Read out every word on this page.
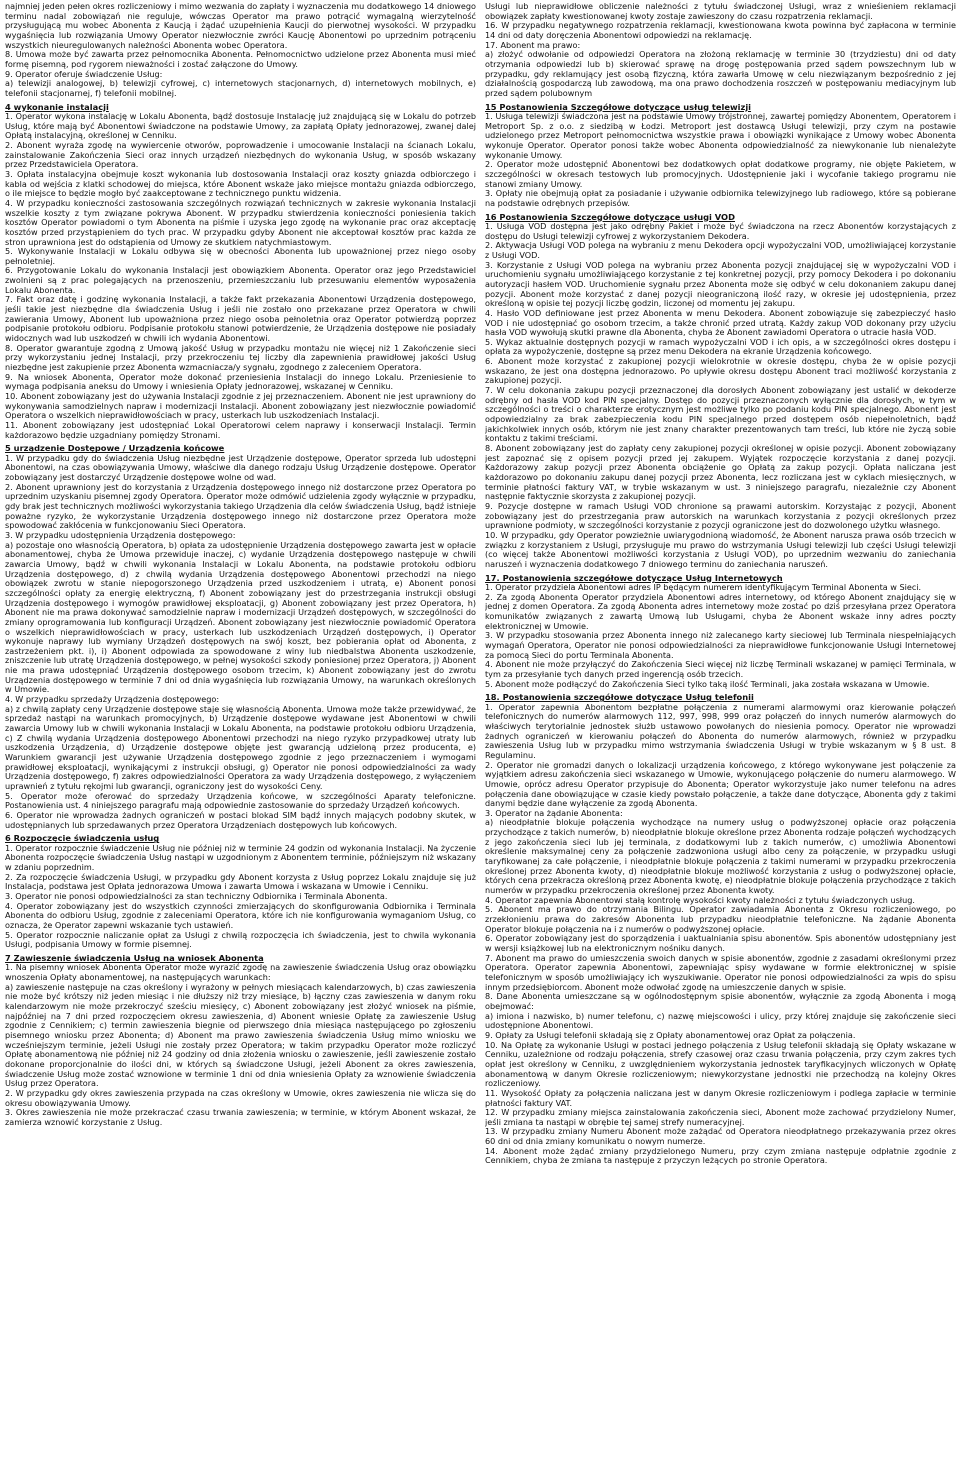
najmniej jeden pełen okres rozliczeniowy i mimo wezwania do zapłaty i wyznaczenia mu dodatkowego 14 dniowego terminu nadal zobowiązań nie reguluje, wówczas Operator ma prawo potrącić wymagalną wierzytelność przysługującą mu wobec Abonenta z Kaucją i żądać uzupełnienia Kaucji do pierwotnej wysokości. W przypadku wygaśnięcia lub rozwiązania Umowy Operator niezwłocznie zwróci Kaucję Abonentowi po uprzednim potrąceniu wszystkich nieuregulowanych należności Abonenta wobec Operatora.

8. Umowa może być zawarta przez pełnomocnika Abonenta. Pełnomocnictwo udzielone przez Abonenta musi mieć formę pisemną, pod rygorem nieważności i zostać załączone do Umowy.

9. Operator oferuje świadczenie Usług:

a) telewizji analogowej, b) telewizji cyfrowej, c) internetowych stacjonarnych, d) internetowych mobilnych, e) telefonii stacjonarnej, f) telefonii mobilnej.

4 wykonanie instalacji

1. Operator wykona instalację w Lokalu Abonenta, bądź dostosuje Instalację już znajdującą się w Lokalu do potrzeb Usług, które mają być Abonentowi świadczone na podstawie Umowy, za zapłatą Opłaty jednorazowej, zwanej dalej Opłatą instalacyjną, określonej w Cenniku.

2. Abonent wyraża zgodę na wywiercenie otworów, poprowadzenie i umocowanie Instalacji na ścianach Lokalu, zainstalowanie Zakończenia Sieci oraz innych urządzeń niezbędnych do wykonania Usług, w sposób wskazany przez Przedstawiciela Operatora.

3. Opłata instalacyjna obejmuje koszt wykonania lub dostosowania Instalacji oraz koszty gniazda odbiorczego i kabla od wejścia z klatki schodowej do miejsca, które Abonent wskaże jako miejsce montażu gniazda odbiorczego, o ile miejsce to będzie mogło być zaakceptowane z technicznego punktu widzenia.

4. W przypadku konieczności zastosowania szczególnych rozwiązań technicznych w zakresie wykonania Instalacji wszelkie koszty z tym związane pokrywa Abonent. W przypadku stwierdzenia konieczności poniesienia takich kosztów Operator powiadomi o tym Abonenta na piśmie i uzyska jego zgodę na wykonanie prac oraz akceptację kosztów przed przystąpieniem do tych prac. W przypadku gdyby Abonent nie akceptował kosztów prac każda ze stron uprawniona jest do odstąpienia od Umowy ze skutkiem natychmiastowym.

5. Wykonywanie Instalacji w Lokalu odbywa się w obecności Abonenta lub upoważnionej przez niego osoby pełnoletniej.

6. Przygotowanie Lokalu do wykonania Instalacji jest obowiązkiem Abonenta. Operator oraz jego Przedstawiciel zwolnieni są z prac polegających na przenoszeniu, przemieszczaniu lub przesuwaniu elementów wyposażenia Lokalu Abonenta.

7. Fakt oraz datę i godzinę wykonania Instalacji, a także fakt przekazania Abonentowi Urządzenia dostępowego, jeśli takie jest niezbędne dla świadczenia Usług i jeśli nie zostało ono przekazane przez Operatora w chwili zawierania Umowy, Abonent lub upoważniona przez niego osoba pełnoletnia oraz Operator potwierdzą poprzez podpisanie protokołu odbioru. Podpisanie protokołu stanowi potwierdzenie, że Urządzenia dostępowe nie posiadały widocznych wad lub uszkodzeń w chwili ich wydania Abonentowi.

8. Operator gwarantuje zgodną z Umową jakość Usług w przypadku montażu nie więcej niż 1 Zakończenie sieci przy wykorzystaniu jednej Instalacji, przy przekroczeniu tej liczby dla zapewnienia prawidłowej jakości Usług niezbędne jest zakupienie przez Abonenta wzmacniacza/y sygnału, zgodnego z zaleceniem Operatora.

9. Na wniosek Abonenta, Operator może dokonać przeniesienia Instalacji do innego Lokalu. Przeniesienie to wymaga podpisania aneksu do Umowy i wniesienia Opłaty jednorazowej, wskazanej w Cenniku.

10. Abonent zobowiązany jest do używania Instalacji zgodnie z jej przeznaczeniem. Abonent nie jest uprawniony do wykonywania samodzielnych napraw i modernizacji Instalacji. Abonent zobowiązany jest niezwłocznie powiadomić Operatora o wszelkich nieprawidłowościach w pracy, usterkach lub uszkodzeniach Instalacji.

11. Abonent zobowiązany jest udostępniać Lokal Operatorowi celem naprawy i konserwacji Instalacji. Termin każdorazowo będzie uzgadniany pomiędzy Stronami.

5 urządzenie Dostępowe / Urządzenia końcowe

1. W przypadku gdy do świadczenia Usług niezbędne jest Urządzenie dostępowe, Operator sprzeda lub udostępni Abonentowi, na czas obowiązywania Umowy, właściwe dla danego rodzaju Usług Urządzenie dostępowe. Operator zobowiązany jest dostarczyć Urządzenie dostępowe wolne od wad.

2. Abonent uprawniony jest do korzystania z Urządzenia dostępowego innego niż dostarczone przez Operatora po uprzednim uzyskaniu pisemnej zgody Operatora. Operator może odmówić udzielenia zgody wyłącznie w przypadku, gdy brak jest technicznych możliwości wykorzystania takiego Urządzenia dla celów świadczenia Usług, bądź istnieje poważne ryzyko, że wykorzystanie Urządzenia dostępowego innego niż dostarczone przez Operatora może spowodować zakłócenia w funkcjonowaniu Sieci Operatora.

3. W przypadku udostępnienia Urządzenia dostępowego:

a) pozostaje ono własnością Operatora, b) opłata za udostępnienie Urządzenia dostępowego zawarta jest w opłacie abonamentowej, chyba że Umowa przewiduje inaczej, c) wydanie Urządzenia dostępowego następuje w chwili zawarcia Umowy, bądź w chwili wykonania Instalacji w Lokalu Abonenta, na podstawie protokołu odbioru Urządzenia dostępowego, d) z chwilą wydania Urządzenia dostępowego Abonentowi przechodzi na niego obowiązek zwrotu w stanie niepogorszonego Urządzenia przed uszkodzeniem i utratą, e) Abonent ponosi szczególności opłaty za energię elektryczną, f) Abonent zobowiązany jest do przestrzegania instrukcji obsługi Urządzenia dostępowego i wymogów prawidłowej eksploatacji, g) Abonent zobowiązany jest przez Operatora, h) Abonent nie ma prawa dokonywać samodzielnie napraw i modernizacji Urządzeń dostępowych, w szczególności do zmiany oprogramowania lub konfiguracji Urządzeń. Abonent zobowiązany jest niezwłocznie powiadomić Operatora o wszelkich nieprawidłowościach w pracy, usterkach lub uszkodzeniach Urządzeń dostępowych, i) Operator wykonuje naprawy lub wymiany Urządzeń dostępowych na swój koszt, bez pobierania opłat od Abonenta, z zastrzeżeniem pkt. i), i) Abonent odpowiada za spowodowane z winy lub niedbalstwa Abonenta uszkodzenie, zniszczenie lub utratę Urządzenia dostępowego, w pełnej wysokości szkody poniesionej przez Operatora, j) Abonent nie ma prawa udostępniać Urządzenia dostępowego osobom trzecim, k) Abonent zobowiązany jest do zwrotu Urządzenia dostępowego w terminie 7 dni od dnia wygaśnięcia lub rozwiązania Umowy, na warunkach określonych w Umowie.

4. W przypadku sprzedaży Urządzenia dostępowego:

a) z chwilą zapłaty ceny Urządzenie dostępowe staje się własnością Abonenta. Umowa może także przewidywać, że sprzedaż nastąpi na warunkach promocyjnych, b) Urządzenie dostępowe wydawane jest Abonentowi w chwili zawarcia Umowy lub w chwili wykonania Instalacji w Lokalu Abonenta, na podstawie protokołu odbioru Urządzenia, c) Z chwilą wydania Urządzenia dostępowego Abonentowi przechodzi na niego ryzyko przypadkowej utraty lub uszkodzenia Urządzenia, d) Urządzenie dostępowe objęte jest gwarancją udzieloną przez producenta, e) Warunkiem gwarancji jest używanie Urządzenia dostępowego zgodnie z jego przeznaczeniem i wymogami prawidłowej eksploatacji, wynikającymi z instrukcji obsługi, g) Operator nie ponosi odpowiedzialności za wady Urządzenia dostępowego, f) zakres odpowiedzialności Operatora za wady Urządzenia dostępowego, z wyłączeniem uprawnień z tytułu rękojmi lub gwarancji, ograniczony jest do wysokości Ceny.

5. Operator może oferować do sprzedaży Urządzenia końcowe, w szczególności Aparaty telefoniczne. Postanowienia ust. 4 niniejszego paragrafu mają odpowiednie zastosowanie do sprzedaży Urządzeń końcowych.

6. Operator nie wprowadza żadnych ograniczeń w postaci blokad SIM bądź innych mających podobny skutek, w udostępnianych lub sprzedawanych przez Operatora Urządzeniach dostępowych lub końcowych.

6 Rozpoczęcie świadczenia usług

1. Operator rozpocznie świadczenie Usług nie później niż w terminie 24 godzin od wykonania Instalacji. Na życzenie Abonenta rozpoczęcie świadczenia Usług nastąpi w uzgodnionym z Abonentem terminie, późniejszym niż wskazany w zdaniu poprzednim.

2. Za rozpoczęcie świadczenia Usługi, w przypadku gdy Abonent korzysta z Usług poprzez Lokalu znajduje się już Instalacja, podstawa jest Opłata jednorazowa Umowa i zawarta Umowa i wskazana w Umowie i Cenniku.

3. Operator nie ponosi odpowiedzialności za stan techniczny Odbiornika i Terminala Abonenta.

4. Operator zobowiązany jest do wszystkich czynności zmierzających do skonfigurowania Odbiornika i Terminala Abonenta do odbioru Usług, zgodnie z zaleceniami Operatora, które ich nie konfigurowania wymaganiom Usług, co oznacza, że Operator zapewni wskazanie tych ustawień.

5. Operator rozpocznie naliczanie opłat za Usługi z chwilą rozpoczęcia ich świadczenia, jest to chwila wykonania Usługi, podpisania Umowy w formie pisemnej.

7 Zawieszenie świadczenia Usług na wniosek Abonenta

1. Na pisemny wniosek Abonenta Operator może wyrazić zgodę na zawieszenie świadczenia Usług oraz obowiązku wnoszenia Opłaty abonamentowej, na następujących warunkach:

a) zawieszenie następuje na czas określony i wyrażony w pełnych miesiącach kalendarzowych, b) czas zawieszenia nie może być krótszy niż jeden miesiąc i nie dłuższy niż trzy miesiące, b) łączny czas zawieszenia w danym roku kalendarzowym nie może przekroczyć sześciu miesięcy, c) Abonent zobowiązany jest złożyć wniosek na piśmie, najpóźniej na 7 dni przed rozpoczęciem okresu zawieszenia, d) Abonent wniesie Opłatę za zawieszenie Usług zgodnie z Cennikiem; c) termin zawieszenia biegnie od pierwszego dnia miesiąca następującego po zgłoszeniu pisemnego wniosku przez Abonenta; d) Abonent ma prawo zawieszenia świadczenia Usług mimo wniosku we wcześniejszym terminie, jeżeli Usługi nie zostały przez Operatora; w takim przypadku Operator może rozliczyć Opłatę abonamentową nie później niż 24 godziny od dnia złożenia wniosku o zawieszenie, jeśli zawieszenie zostało dokonane proporcjonalnie do ilości dni, w których są świadczone Usługi, jeżeli Abonent za okres zawieszenia, świadczenie Usług może zostać wznowione w terminie 1 dni od dnia wniesienia Opłaty za wznowienie świadczenia Usług przez Operatora.

2. W przypadku gdy okres zawieszenia przypada na czas określony w Umowie, okres zawieszenia nie wlicza się do okresu obowiązywania Umowy.

3. Okres zawieszenia nie może przekraczać czasu trwania zawieszenia; w terminie, w którym Abonent wskazał, że zamierza wznowić korzystanie z Usług.

Usługi lub nieprawidłowe obliczenie należności z tytułu świadczonej Usługi, wraz z wnieśieniem reklamacji obowiązek zapłaty kwestionowanej kwoty zostaje zawieszony do czasu rozpatrzenia reklamacji.

16. W przypadku negatywnego rozpatrzenia reklamacji, kwestionowana kwota powinna być zapłacona w terminie 14 dni od daty doręczenia Abonentowi odpowiedzi na reklamację.

17. Abonent ma prawo:

a) złożyć odwołanie od odpowiedzi Operatora na złożoną reklamację w terminie 30 (trzydziestu) dni od daty otrzymania odpowiedzi lub b) skierować sprawę na drogę postępowania przed sądem powszechnym lub w przypadku, gdy reklamujący jest osobą fizyczną, która zawarła Umowę w celu niezwiązanym bezpośrednio z jej działalnością gospodarczą lub zawodową, ma ona prawo dochodzenia roszczeń w postępowaniu mediacyjnym lub przed sądem polubownym

15 Postanowienia Szczegółowe dotyczące usług telewizji

1. Usługa telewizji świadczona jest na podstawie Umowy trójstronnej, zawartej pomiędzy Abonentem, Operatorem i Metroport Sp. z o.o. z siedzibą w Łodzi. Metroport jest dostawcą Usługi telewizji, przy czym na postawie udzielonego przez Metroport pełnomocnictwa wszystkie prawa i obowiązki wynikające z Umowy wobec Abonenta wykonuje Operator. Operator ponosi także wobec Abonenta odpowiedzialność za niewykonanie lub nienależyte wykonanie Umowy.

2. Operator może udostępnić Abonentowi bez dodatkowych opłat dodatkowe programy, nie objęte Pakietem, w szczególności w okresach testowych lub promocyjnych. Udostępnienie jaki i wycofanie takiego programu nie stanowi zmiany Umowy.

3. Opłaty nie obejmują opłat za posiadanie i używanie odbiornika telewizyjnego lub radiowego, które są pobierane na podstawie odrębnych przepisów.

16 Postanowienia Szczegółowe dotyczące usługi VOD

1. Usługa VOD dostępna jest jako odrębny Pakiet i może być świadczona na rzecz Abonentów korzystających z dostępu do Usługi telewizji cyfrowej z wykorzystaniem Dekodera.

2. Aktywacja Usługi VOD polega na wybraniu z menu Dekodera opcji wypożyczalni VOD, umożliwiającej korzystanie z Usługi VOD.

3. Korzystanie z Usługi VOD polega na wybraniu przez Abonenta pozycji znajdującej się w wypożyczalni VOD i uruchomieniu sygnału umożliwiającego korzystanie z tej konkretnej pozycji, przy pomocy Dekodera i po dokonaniu autoryzacji hasłem VOD. Uruchomienie sygnału przez Abonenta może się odbyć w celu dokonaniem zakupu danej pozycji. Abonent może korzystać z danej pozycji nieograniczoną ilość razy, w okresie jej udostępnienia, przez określoną w opisie tej pozycji liczbę godzin, liczonej od momentu jej zakupu.

4. Hasło VOD definiowane jest przez Abonenta w menu Dekodera. Abonent zobowiązuje się zabezpieczyć hasło VOD i nie udostępniać go osobom trzecim, a także chronić przed utratą. Każdy zakup VOD dokonany przy użyciu hasła VOD wywołują skutki prawne dla Abonenta, chyba że Abonent zawiadomi Operatora o utracie hasła VOD.

5. Wykaz aktualnie dostępnych pozycji w ramach wypożyczalni VOD i ich opis, a w szczególności okres dostępu i opłata za wypożyczenie, dostępne są przez menu Dekodera na ekranie Urządzenia końcowego.

6. Abonent może korzystać z zakupionej pozycji wielokrotnie w okresie dostępu, chyba że w opisie pozycji wskazano, że jest ona dostępna jednorazowo. Po upływie okresu dostępu Abonent traci możliwość korzystania z zakupionej pozycji.

7. W celu dokonania zakupu pozycji przeznaczonej dla dorosłych Abonent zobowiązany jest ustalić w dekoderze odrębny od hasła VOD kod PIN specjalny. Dostęp do pozycji przeznaczonych wyłącznie dla dorosłych, w tym w szczególności o treści o charakterze erotycznym jest możliwe tylko po podaniu kodu PIN specjalnego. Abonent jest odpowiedzialny za brak zabezpieczenia kodu PIN specjalnego przed dostępem osób niepełnoletnich, bądź jakichkolwiek innych osób, którym nie jest znany charakter prezentowanych tam treści, lub które nie życzą sobie kontaktu z takimi treściami.

8. Abonent zobowiązany jest do zapłaty ceny zakupionej pozycji określonej w opisie pozycji. Abonent zobowiązany jest zapoznać się z opisem pozycji przed jej zakupem. Wyjątek rozpoczęcie korzystania z danej pozycji. Każdorazowy zakup pozycji przez Abonenta obciążenie go Opłatą za zakup pozycji. Opłata naliczana jest każdorazowo po dokonaniu zakupu danej pozycji przez Abonenta, lecz rozliczana jest w cyklach miesięcznych, w terminie płatności faktury VAT, w trybie wskazanym w ust. 3 niniejszego paragrafu, niezależnie czy Abonent następnie faktycznie skorzysta z zakupionej pozycji.

9. Pozycje dostępne w ramach Usługi VOD chronione są prawami autorskim. Korzystając z pozycji, Abonent zobowiązany jest do przestrzegania praw autorskich na warunkach korzystania z pozycji określonych przez uprawnione podmioty, w szczególności korzystanie z pozycji ograniczone jest do dozwolonego użytku własnego.

10. W przypadku, gdy Operator powzieżnie uwiarygodnioną wiadomość, że Abonent narusza prawa osób trzecich w związku z korzystaniem z Usługi, przysługuje mu prawo do wstrzymania Usługi telewizji lub części Usługi telewizji (co więcej także Abonentowi możliwości korzystania z Usługi VOD), po uprzednim wezwaniu do zaniechania naruszeń i wyznaczenia dodatkowego 7 dniowego terminu do zaniechania naruszeń.

17. Postanowienia szczegółowe dotyczące Usług Internetowych

1. Operator przydziela Abonentowi adres IP będącym numerem identyfikującym Terminal Abonenta w Sieci.

2. Za zgodą Abonenta Operator przydziela Abonentowi adres internetowy, od którego Abonent znajdujący się w jednej z domen Operatora. Za zgodą Abonenta adres internetowy może zostać po dziś przesyłana przez Operatora komunikatów związanych z zawartą Umową lub Usługami, chyba że Abonent wskaże inny adres poczty elektronicznej w Umowie.

3. W przypadku stosowania przez Abonenta innego niż zalecanego karty sieciowej lub Terminala niespełniających wymagań Operatora, Operator nie ponosi odpowiedzialności za nieprawidłowe funkcjonowanie Usługi Internetowej za pomocą Sieci do portu Terminala Abonenta.

4. Abonent nie może przyłączyć do Zakończenia Sieci więcej niż liczbę Terminali wskazanej w pamięci Terminala, w tym za przesyłanie tych danych przed ingerencją osób trzecich.

5. Abonent może podłączyć do Zakończenia Sieci tylko taką ilość Terminali, jaka została wskazana w Umowie.

18. Postanowienia szczegółowe dotyczące Usług telefonii

1. Operator zapewnia Abonentom bezpłatne połączenia z numerami alarmowymi oraz kierowanie połączeń telefonicznych do numerów alarmowych 112, 997, 998, 999 oraz połączeń do innych numerów alarmowych do właściwych terytorialnie jednostek służb ustawowo powołanych do niesienia pomocy. Operator nie wprowadzi żadnych ograniczeń w kierowaniu połączeń do Abonenta do numerów alarmowych, również w przypadku zawieszenia Usług lub w przypadku mimo wstrzymania świadczenia Usługi w trybie wskazanym w § 8 ust. 8 Regulaminu.

2. Operator nie gromadzi danych o lokalizacji urządzenia końcowego, z którego wykonywane jest połączenie za wyjątkiem adresu zakończenia sieci wskazanego w Umowie, wykonującego połączenie do numeru alarmowego. W Umowie, oprócz adresu Operator przypisuje do Abonenta; Operator wykorzystuje jako numer telefonu na adres połączenia dane obowiązujące w czasie kiedy powstało połączenie, a także dane dotyczące, Abonenta gdy z takimi danymi będzie dane wyłączenie za zgodą Abonenta.

3. Operator na żądanie Abonenta:

a) nieodpłatnie blokuje połączenia wychodzące na numery usług o podwyższonej opłacie oraz połączenia przychodzące z takich numerów, b) nieodpłatnie blokuje określone przez Abonenta rodzaje połączeń wychodzących z jego zakończenia sieci lub jej terminala, z dodatkowymi lub z takich numerów, c) umożliwia Abonentowi określenie maksymalnej ceny za połączenie zadzwoniona usługi albo ceny za połączenie, w przypadku usługi taryfikowanej za całe połączenie, i nieodpłatnie blokuje połączenia z takimi numerami w przypadku przekroczenia określonej przez Abonenta kwoty, d) nieodpłatnie blokuje możliwość korzystania z usług o podwyższonej opłacie, których cena przekracza określoną przez Abonenta kwotę, e) nieodpłatnie blokuje połączenia przychodzące z takich numerów w przypadku przekroczenia określonej przez Abonenta kwoty.

4. Operator zapewnia Abonentowi stałą kontrolę wysokości kwoty należności z tytułu świadczonych usług.

5. Abonent ma prawo do otrzymania Bilingu. Operator zawiadamia Abonenta z Okresu rozliczeniowego, po zrzekłonieniu prawa do zakresów Abonenta lub przypadku nieodpłatnie telefoniczne. Na żądanie Abonenta Operator blokuje połączenia na i z numerów o podwyższonej opłacie.

6. Operator zobowiązany jest do sporządzenia i uaktualniania spisu abonentów. Spis abonentów udostępniany jest w wersji książkowej lub na elektronicznym nośniku danych.

7. Abonent ma prawo do umieszczenia swoich danych w spisie abonentów, zgodnie z zasadami określonymi przez Operatora. Operator zapewnia Abonentowi, zapewniając spisy wydawane w formie elektronicznej w spisie telefonicznym w sposób umożliwiający ich wyszukiwanie. Operator nie ponosi odpowiedzialności za wpis do spisu innym przedsiębiorcom. Abonent może odwołać zgodę na umieszczenie danych w spisie.

8. Dane Abonenta umieszczane są w ogólnodostępnym spisie abonentów, wyłącznie za zgodą Abonenta i mogą obejmować:

a) imiona i nazwisko, b) numer telefonu, c) nazwę miejscowości i ulicy, przy której znajduje się zakończenie sieci udostępnione Abonentowi.

9. Opłaty za Usługi telefonii składają się z Opłaty abonamentowej oraz Opłat za połączenia.

10. Na Opłatę za wykonanie Usługi w postaci jednego połączenia z Usług telefonii składają się Opłaty wskazane w Cenniku, uzależnione od rodzaju połączenia, strefy czasowej oraz czasu trwania połączenia, przy czym zakres tych opłat jest określony w Cenniku, z uwzględnieniem wykorzystania jednostek taryfikacyjnych wliczonych w Opłatę abonamentową w danym Okresie rozliczeniowym; niewykorzystane jednostki nie przechodzą na kolejny Okres rozliczeniowy.

11. Wysokość Opłaty za połączenia naliczana jest w danym Okresie rozliczeniowym i podlega zapłacie w terminie płatności faktury VAT.

12. W przypadku zmiany miejsca zainstalowania zakończenia sieci, Abonent może zachować przydzielony Numer, jeśli zmiana ta nastąpi w obrębie tej samej strefy numeracyjnej.

13. W przypadku zmiany Numeru Abonent może zażądać od Operatora nieodpłatnego przekazywania przez okres 60 dni od dnia zmiany komunikatu o nowym numerze.

14. Abonent może żądać zmiany przydzielonego Numeru, przy czym zmiana następuje odpłatnie zgodnie z Cennikiem, chyba że zmiana ta następuje z przyczyn leżących po stronie Operatora.
